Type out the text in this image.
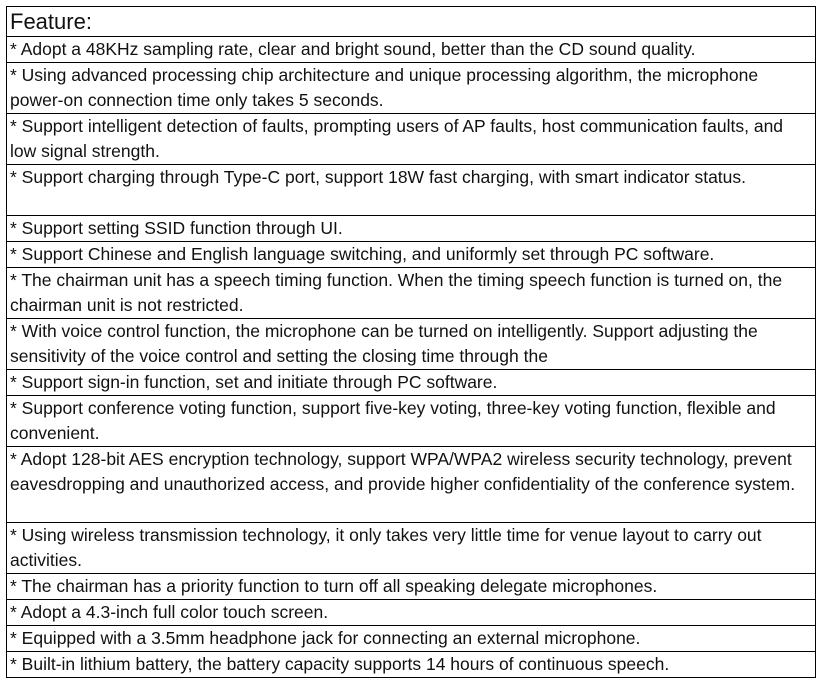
Feature:
* Adopt a 48KHz sampling rate, clear and bright sound, better than the CD sound quality.
* Using advanced processing chip architecture and unique processing algorithm, the microphone power-on connection time only takes 5 seconds.
* Support intelligent detection of faults, prompting users of AP faults, host communication faults, and low signal strength.
* Support charging through Type-C port, support 18W fast charging, with smart indicator status.
* Support setting SSID function through UI.
* Support Chinese and English language switching, and uniformly set through PC software.
* The chairman unit has a speech timing function. When the timing speech function is turned on, the chairman unit is not restricted.
* With voice control function, the microphone can be turned on intelligently. Support adjusting the sensitivity of the voice control and setting the closing time through the
* Support sign-in function, set and initiate through PC software.
* Support conference voting function, support five-key voting, three-key voting function, flexible and convenient.
* Adopt 128-bit AES encryption technology, support WPA/WPA2 wireless security technology, prevent eavesdropping and unauthorized access, and provide higher confidentiality of the conference system.
* Using wireless transmission technology, it only takes very little time for venue layout to carry out activities.
* The chairman has a priority function to turn off all speaking delegate microphones.
* Adopt a 4.3-inch full color touch screen.
* Equipped with a 3.5mm headphone jack for connecting an external microphone.
* Built-in lithium battery, the battery capacity supports 14 hours of continuous speech.
